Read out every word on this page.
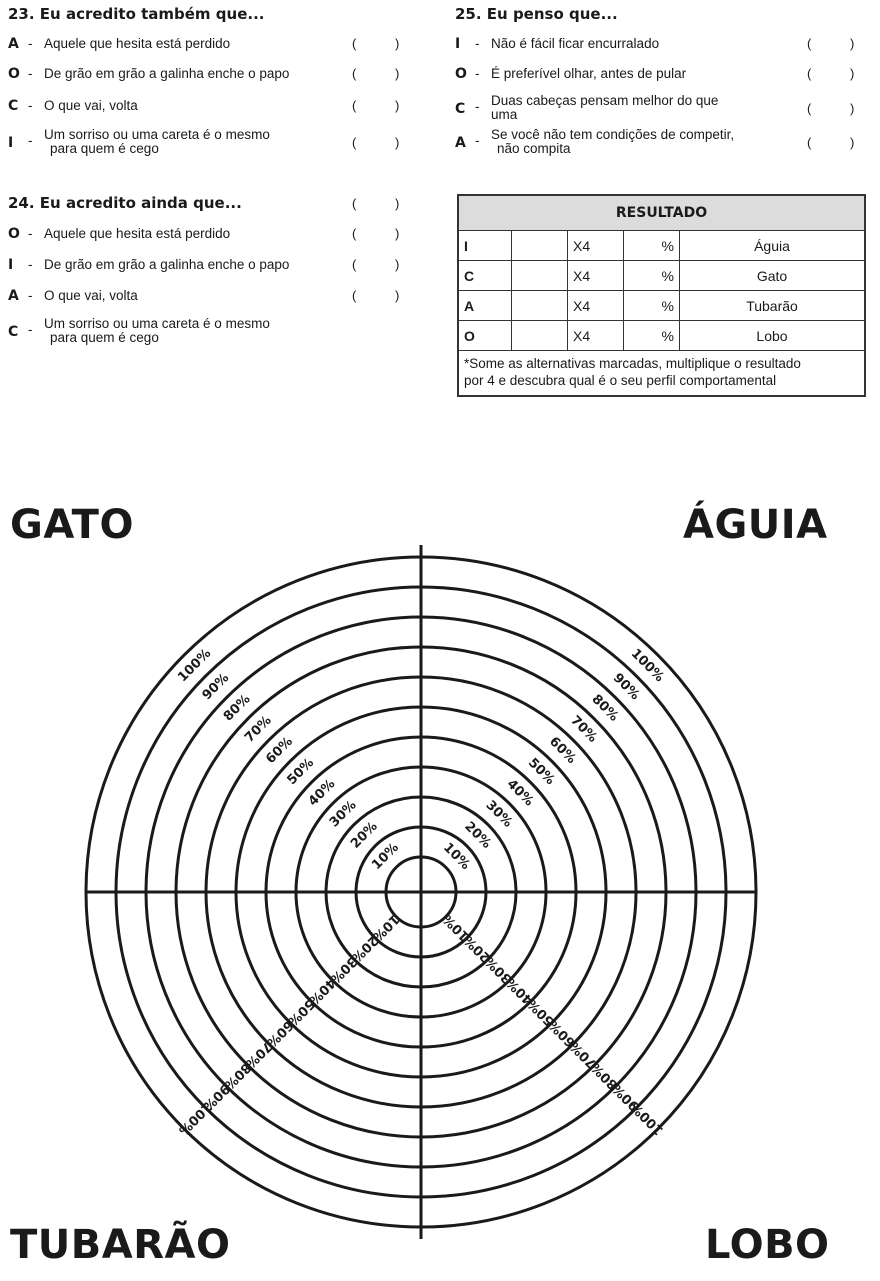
23. Eu acredito também que...
A - Aquele que hesita está perdido	(	)
O - De grão em grão a galinha enche o papo	(	)
C - O que vai, volta	(	)
I - Um sorriso ou uma careta é o mesmo
para quem é cego	(	)
24. Eu acredito ainda que...	(	)
O - Aquele que hesita está perdido	(	)
I - De grão em grão a galinha enche o papo	(	)
A - O que vai, volta	(	)
C - Um sorriso ou uma careta é o mesmo
para quem é cego
25. Eu penso que...
I - Não é fácil ficar encurralado	(	)
O - É preferível olhar, antes de pular	(	)
C - Duas cabeças pensam melhor do que
uma	(	)
A - Se você não tem condições de competir,
não compita	(	)
RESULTADO				
I		X4	%	Águia
C		X4	%	Gato
A		X4	%	Tubarão
O		X4	%	Lobo
*Some as alternativas marcadas, multiplique o resultado
por 4 e descubra qual é o seu perfil comportamental				
GATO	ÁGUIA
TUBARÃO	LOBO
10%
20%
30%
40%
50%
60%
70%
80%
90%
100%
10%
20%
30%
40%
50%
60%
70%
80%
90%
100%
10%
20%
30%
40%
50%
60%
70%
80%
90%
100%
10%
20%
30%
40%
50%
60%
70%
80%
90%
100%
